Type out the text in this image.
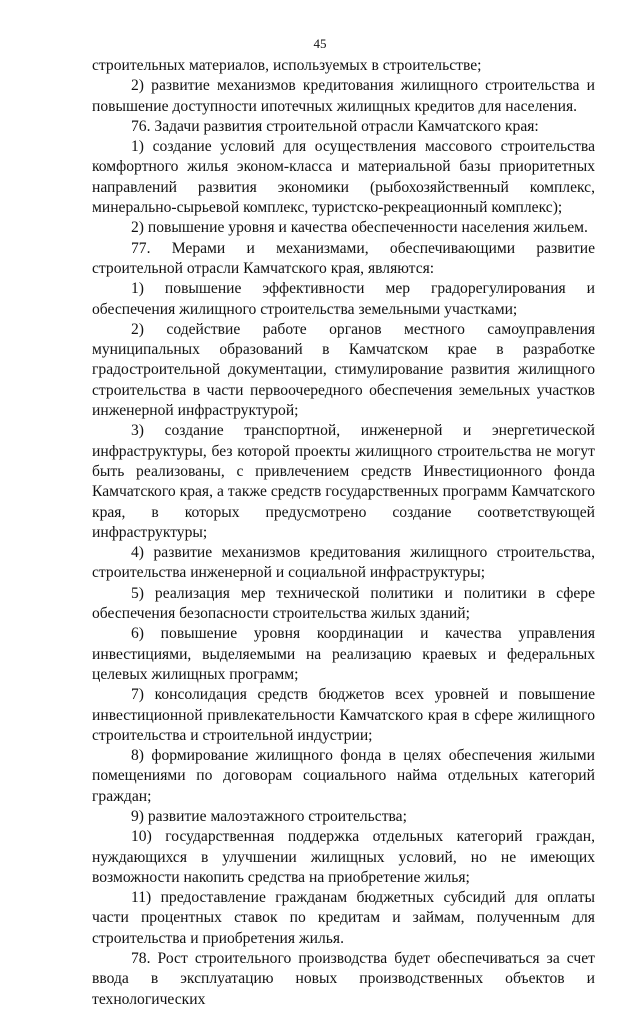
45

строительных материалов, используемых в строительстве;

2) развитие механизмов кредитования жилищного строительства и повышение доступности ипотечных жилищных кредитов для населения.

76. Задачи развития строительной отрасли Камчатского края:

1) создание условий для осуществления массового строительства комфортного жилья эконом-класса и материальной базы приоритетных направлений развития экономики (рыбохозяйственный комплекс, минерально-сырьевой комплекс, туристско-рекреационный комплекс);

2) повышение уровня и качества обеспеченности населения жильем.

77. Мерами и механизмами, обеспечивающими развитие строительной отрасли Камчатского края, являются:

1) повышение эффективности мер градорегулирования и обеспечения жилищного строительства земельными участками;

2) содействие работе органов местного самоуправления муниципальных образований в Камчатском крае в разработке градостроительной документации, стимулирование развития жилищного строительства в части первоочередного обеспечения земельных участков инженерной инфраструктурой;

3) создание транспортной, инженерной и энергетической инфраструктуры, без которой проекты жилищного строительства не могут быть реализованы, с привлечением средств Инвестиционного фонда Камчатского края, а также средств государственных программ Камчатского края, в которых предусмотрено создание соответствующей инфраструктуры;

4) развитие механизмов кредитования жилищного строительства, строительства инженерной и социальной инфраструктуры;

5) реализация мер технической политики и политики в сфере обеспечения безопасности строительства жилых зданий;

6) повышение уровня координации и качества управления инвестициями, выделяемыми на реализацию краевых и федеральных целевых жилищных программ;

7) консолидация средств бюджетов всех уровней и повышение инвестиционной привлекательности Камчатского края в сфере жилищного строительства и строительной индустрии;

8) формирование жилищного фонда в целях обеспечения жилыми помещениями по договорам социального найма отдельных категорий граждан;

9) развитие малоэтажного строительства;

10) государственная поддержка отдельных категорий граждан, нуждающихся в улучшении жилищных условий, но не имеющих возможности накопить средства на приобретение жилья;

11) предоставление гражданам бюджетных субсидий для оплаты части процентных ставок по кредитам и займам, полученным для строительства и приобретения жилья.

78. Рост строительного производства будет обеспечиваться за счет ввода в эксплуатацию новых производственных объектов и технологических
